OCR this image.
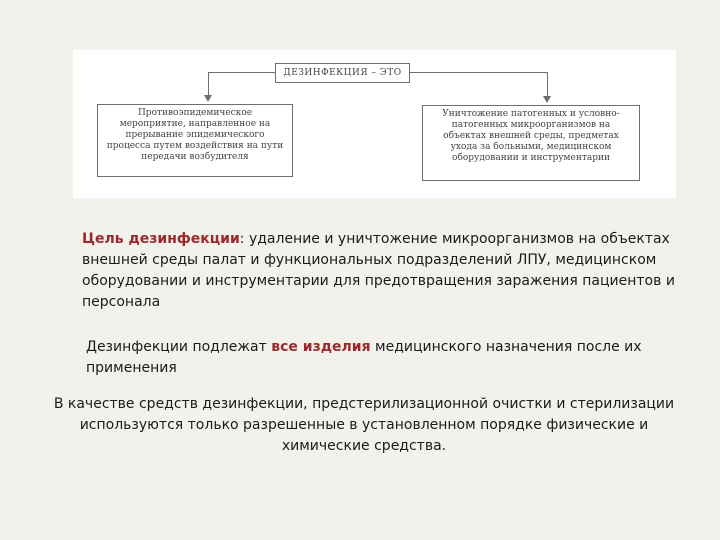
ДЕЗИНФЕКЦИЯ – ЭТО
Противоэпидемическое мероприятие, направленное на прерывание эпидемического процесса путем воздействия на пути передачи возбудителя
Уничтожение патогенных и условно-патогенных микроорганизмов на объектах внешней среды, предметах ухода за больными, медицинском оборудовании и инструментарии

Цель дезинфекции: удаление и уничтожение микроорганизмов на объектах внешней среды палат и функциональных подразделений ЛПУ, медицинском оборудовании и инструментарии для предотвращения заражения пациентов и персонала

Дезинфекции подлежат все изделия медицинского назначения после их применения

В качестве средств дезинфекции, предстерилизационной очистки и стерилизации используются только разрешенные в установленном порядке физические и химические средства.
